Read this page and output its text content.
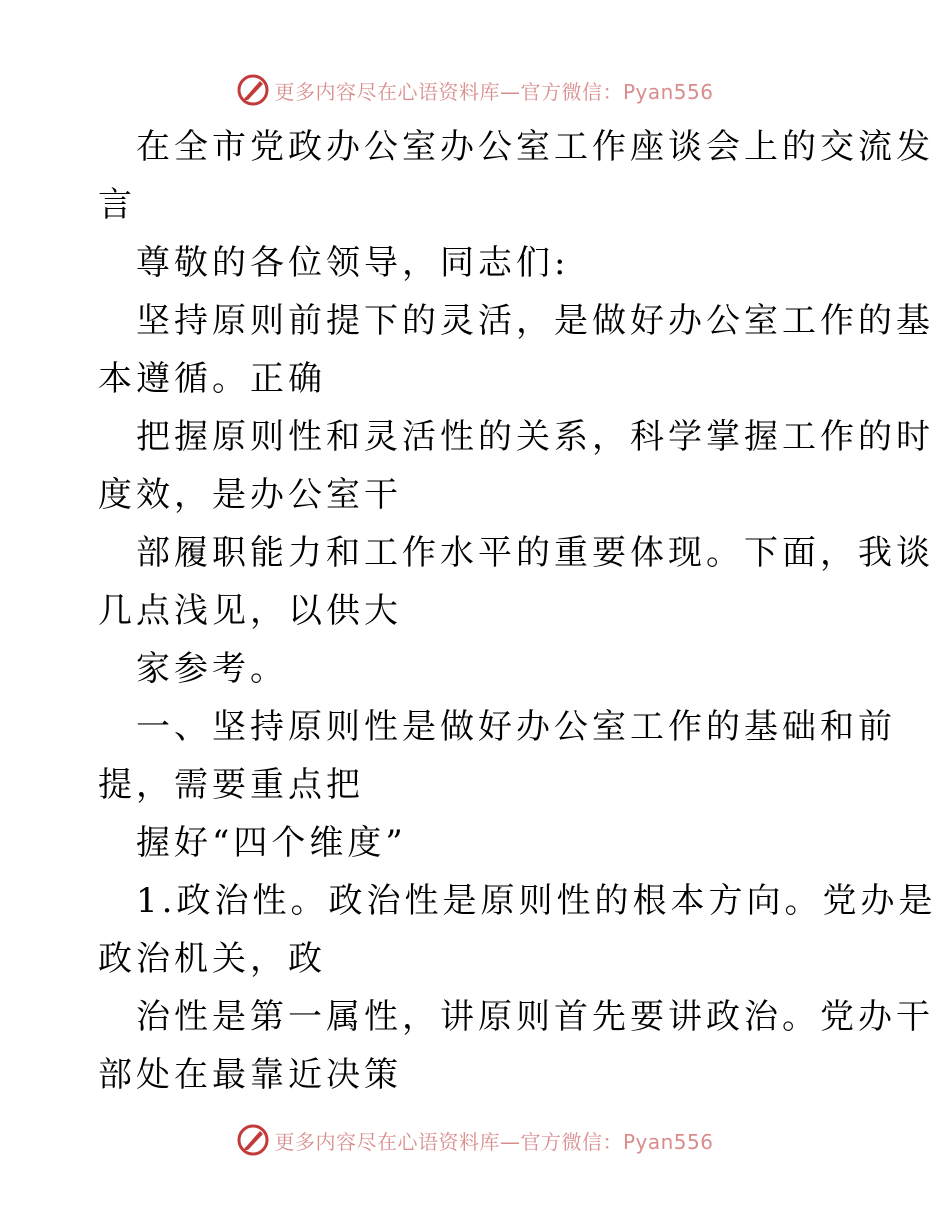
更多内容尽在心语资料库—官方微信：Pyan556
在全市党政办公室办公室工作座谈会上的交流发
言
尊敬的各位领导，同志们:
坚持原则前提下的灵活，是做好办公室工作的基
本遵循。正确
把握原则性和灵活性的关系，科学掌握工作的时
度效，是办公室干
部履职能力和工作水平的重要体现。下面，我谈
几点浅见，以供大
家参考。
一、坚持原则性是做好办公室工作的基础和前
提，需要重点把
握好“四个维度”
1.政治性。政治性是原则性的根本方向。党办是
政治机关，政
治性是第一属性，讲原则首先要讲政治。党办干
部处在最靠近决策
更多内容尽在心语资料库—官方微信：Pyan556
